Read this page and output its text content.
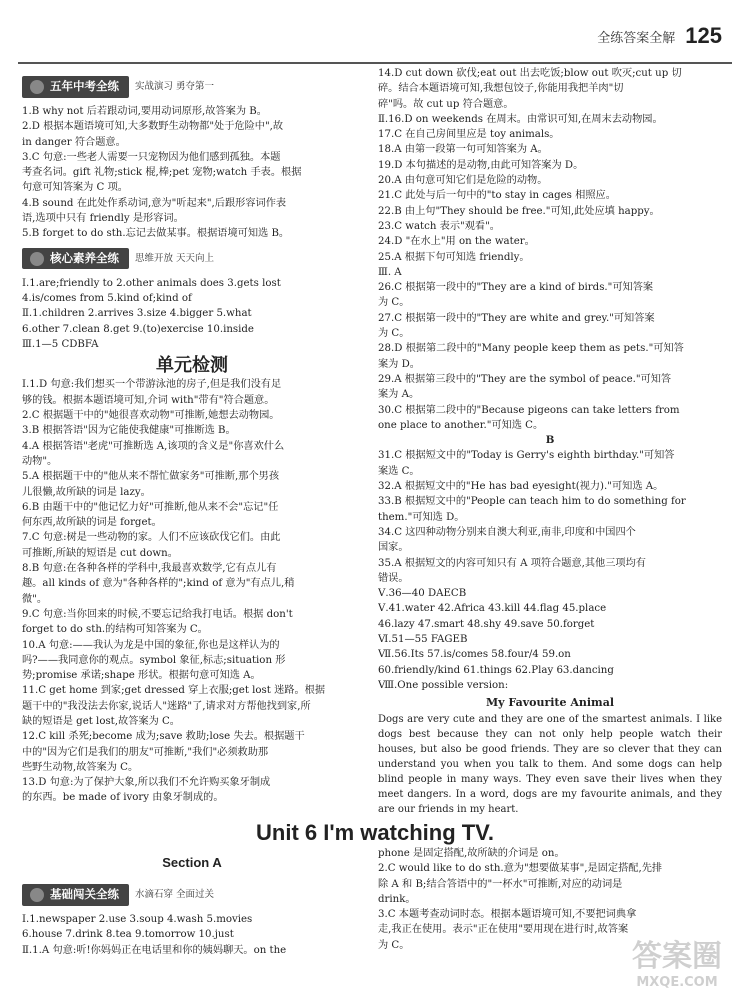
全练答案全解 125
五年中考全练	实战演习 勇夺第一
1.B why not 后若跟动词,要用动词原形,故答案为 B。
2.D 根据本题语境可知,大多数野生动物都"处于危险中",故
in danger 符合题意。
3.C 句意:一些老人需要一只宠物因为他们感到孤独。本题
考查名词。gift 礼物;stick 棍,棒;pet 宠物;watch 手表。根据
句意可知答案为 C 项。
4.B sound 在此处作系动词,意为"听起来",后跟形容词作表
语,选项中只有 friendly 是形容词。
5.B forget to do sth.忘记去做某事。根据语境可知选 B。
核心素养全练	思维开放 天天向上
Ⅰ.1.are;friendly to 2.other animals does 3.gets lost
4.is/comes from 5.kind of;kind of
Ⅱ.1.children 2.arrives 3.size 4.bigger 5.what
6.other 7.clean 8.get 9.(to)exercise 10.inside
Ⅲ.1—5 CDBFA
单元检测
Ⅰ.1.D 句意:我们想买一个带游泳池的房子,但是我们没有足
够的钱。根据本题语境可知,介词 with"带有"符合题意。
2.C 根据题干中的"她很喜欢动物"可推断,她想去动物园。
3.B 根据答语"因为它能使我健康"可推断选 B。
4.A 根据答语"老虎"可推断选 A,该项的含义是"你喜欢什么
动物"。
5.A 根据题干中的"他从来不帮忙做家务"可推断,那个男孩
儿很懒,故所缺的词是 lazy。
6.B 由题干中的"他记忆力好"可推断,他从来不会"忘记"任
何东西,故所缺的词是 forget。
7.C 句意:树是一些动物的家。人们不应该砍伐它们。由此
可推断,所缺的短语是 cut down。
8.B 句意:在各种各样的学科中,我最喜欢数学,它有点儿有
趣。all kinds of 意为"各种各样的";kind of 意为"有点儿,稍
微"。
9.C 句意:当你回来的时候,不要忘记给我打电话。根据 don't
forget to do sth.的结构可知答案为 C。
10.A 句意:——我认为龙是中国的象征,你也是这样认为的
吗?——我同意你的观点。symbol 象征,标志;situation 形
势;promise 承诺;shape 形状。根据句意可知选 A。
11.C get home 到家;get dressed 穿上衣服;get lost 迷路。根据
题干中的"我没法去你家,说话人"迷路"了,请求对方帮他找到家,所
缺的短语是 get lost,故答案为 C。
12.C kill 杀死;become 成为;save 救助;lose 失去。根据题干
中的"因为它们是我们的朋友"可推断,"我们"必须救助那
些野生动物,故答案为 C。
13.D 句意:为了保护大象,所以我们不允许购买象牙制成
的东西。be made of ivory 由象牙制成的。
14.D cut down 砍伐;eat out 出去吃饭;blow out 吹灭;cut up 切
碎。结合本题语境可知,我想包饺子,你能用我把羊肉"切
碎"吗。故 cut up 符合题意。
Ⅱ.16.D on weekends 在周末。由常识可知,在周末去动物园。
17.C 在自己房间里应是 toy animals。
18.A 由第一段第一句可知答案为 A。
19.D 本句描述的是动物,由此可知答案为 D。
20.A 由句意可知它们是危险的动物。
21.C 此处与后一句中的"to stay in cages 相照应。
22.B 由上句"They should be free."可知,此处应填 happy。
23.C watch 表示"观看"。
24.D "在水上"用 on the water。
25.A 根据下句可知选 friendly。
Ⅲ. A
26.C 根据第一段中的"They are a kind of birds."可知答案
为 C。
27.C 根据第一段中的"They are white and grey."可知答案
为 C。
28.D 根据第二段中的"Many people keep them as pets."可知答
案为 D。
29.A 根据第三段中的"They are the symbol of peace."可知答
案为 A。
30.C 根据第二段中的"Because pigeons can take letters from
one place to another."可知选 C。
B
31.C 根据短文中的"Today is Gerry's eighth birthday."可知答
案选 C。
32.A 根据短文中的"He has bad eyesight(视力)."可知选 A。
33.B 根据短文中的"People can teach him to do something for
them."可知选 D。
34.C 这四种动物分别来自澳大利亚,南非,印度和中国四个
国家。
35.A 根据短文的内容可知只有 A 项符合题意,其他三项均有
错误。
Ⅴ.36—40 DAECB
Ⅴ.41.water 42.Africa 43.kill 44.flag 45.place
46.lazy 47.smart 48.shy 49.save 50.forget
Ⅵ.51—55 FAGEB
Ⅶ.56.Its 57.is/comes 58.four/4 59.on
60.friendly/kind 61.things 62.Play 63.dancing
Ⅷ.One possible version:
My Favourite Animal
Dogs are very cute and they are one of the smartest animals. I like dogs best because they can not only help people watch their houses, but also be good friends. They are so clever that they can understand you when you talk to them. And some dogs can help blind people in many ways. They even save their lives when they meet dangers. In a word, dogs are my favourite animals, and they are our friends in my heart.
Unit 6 I'm watching TV.
Section A
基础闯关全练	水滴石穿 全面过关
Ⅰ.1.newspaper 2.use 3.soup 4.wash 5.movies
6.house 7.drink 8.tea 9.tomorrow 10.just
Ⅱ.1.A 句意:听!你妈妈正在电话里和你的姨妈聊天。on the
phone 是固定搭配,故所缺的介词是 on。
2.C would like to do sth.意为"想要做某事",是固定搭配,先排
除 A 和 B;结合答语中的"一杯水"可推断,对应的动词是
drink。
3.C 本题考查动词时态。根据本题语境可知,不要把词典拿
走,我正在使用。表示"正在使用"要用现在进行时,故答案
为 C。	答案圈
MXQE.COM
